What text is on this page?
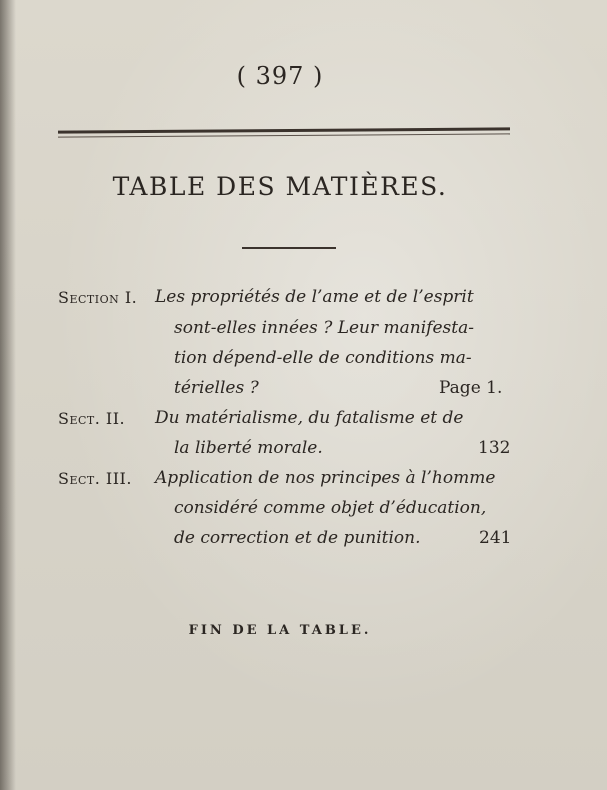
( 397 )
TABLE DES MATIÈRES.
Section I. Les propriétés de l’ame et de l’esprit
sont-elles innées ? Leur manifesta-
tion dépend-elle de conditions ma-
térielles ?	Page 1.
Sect. II. Du matérialisme, du fatalisme et de
la liberté morale.	132
Sect. III. Application de nos principes à l’homme
considéré comme objet d’éducation,
de correction et de punition.	241
FIN DE LA TABLE.
